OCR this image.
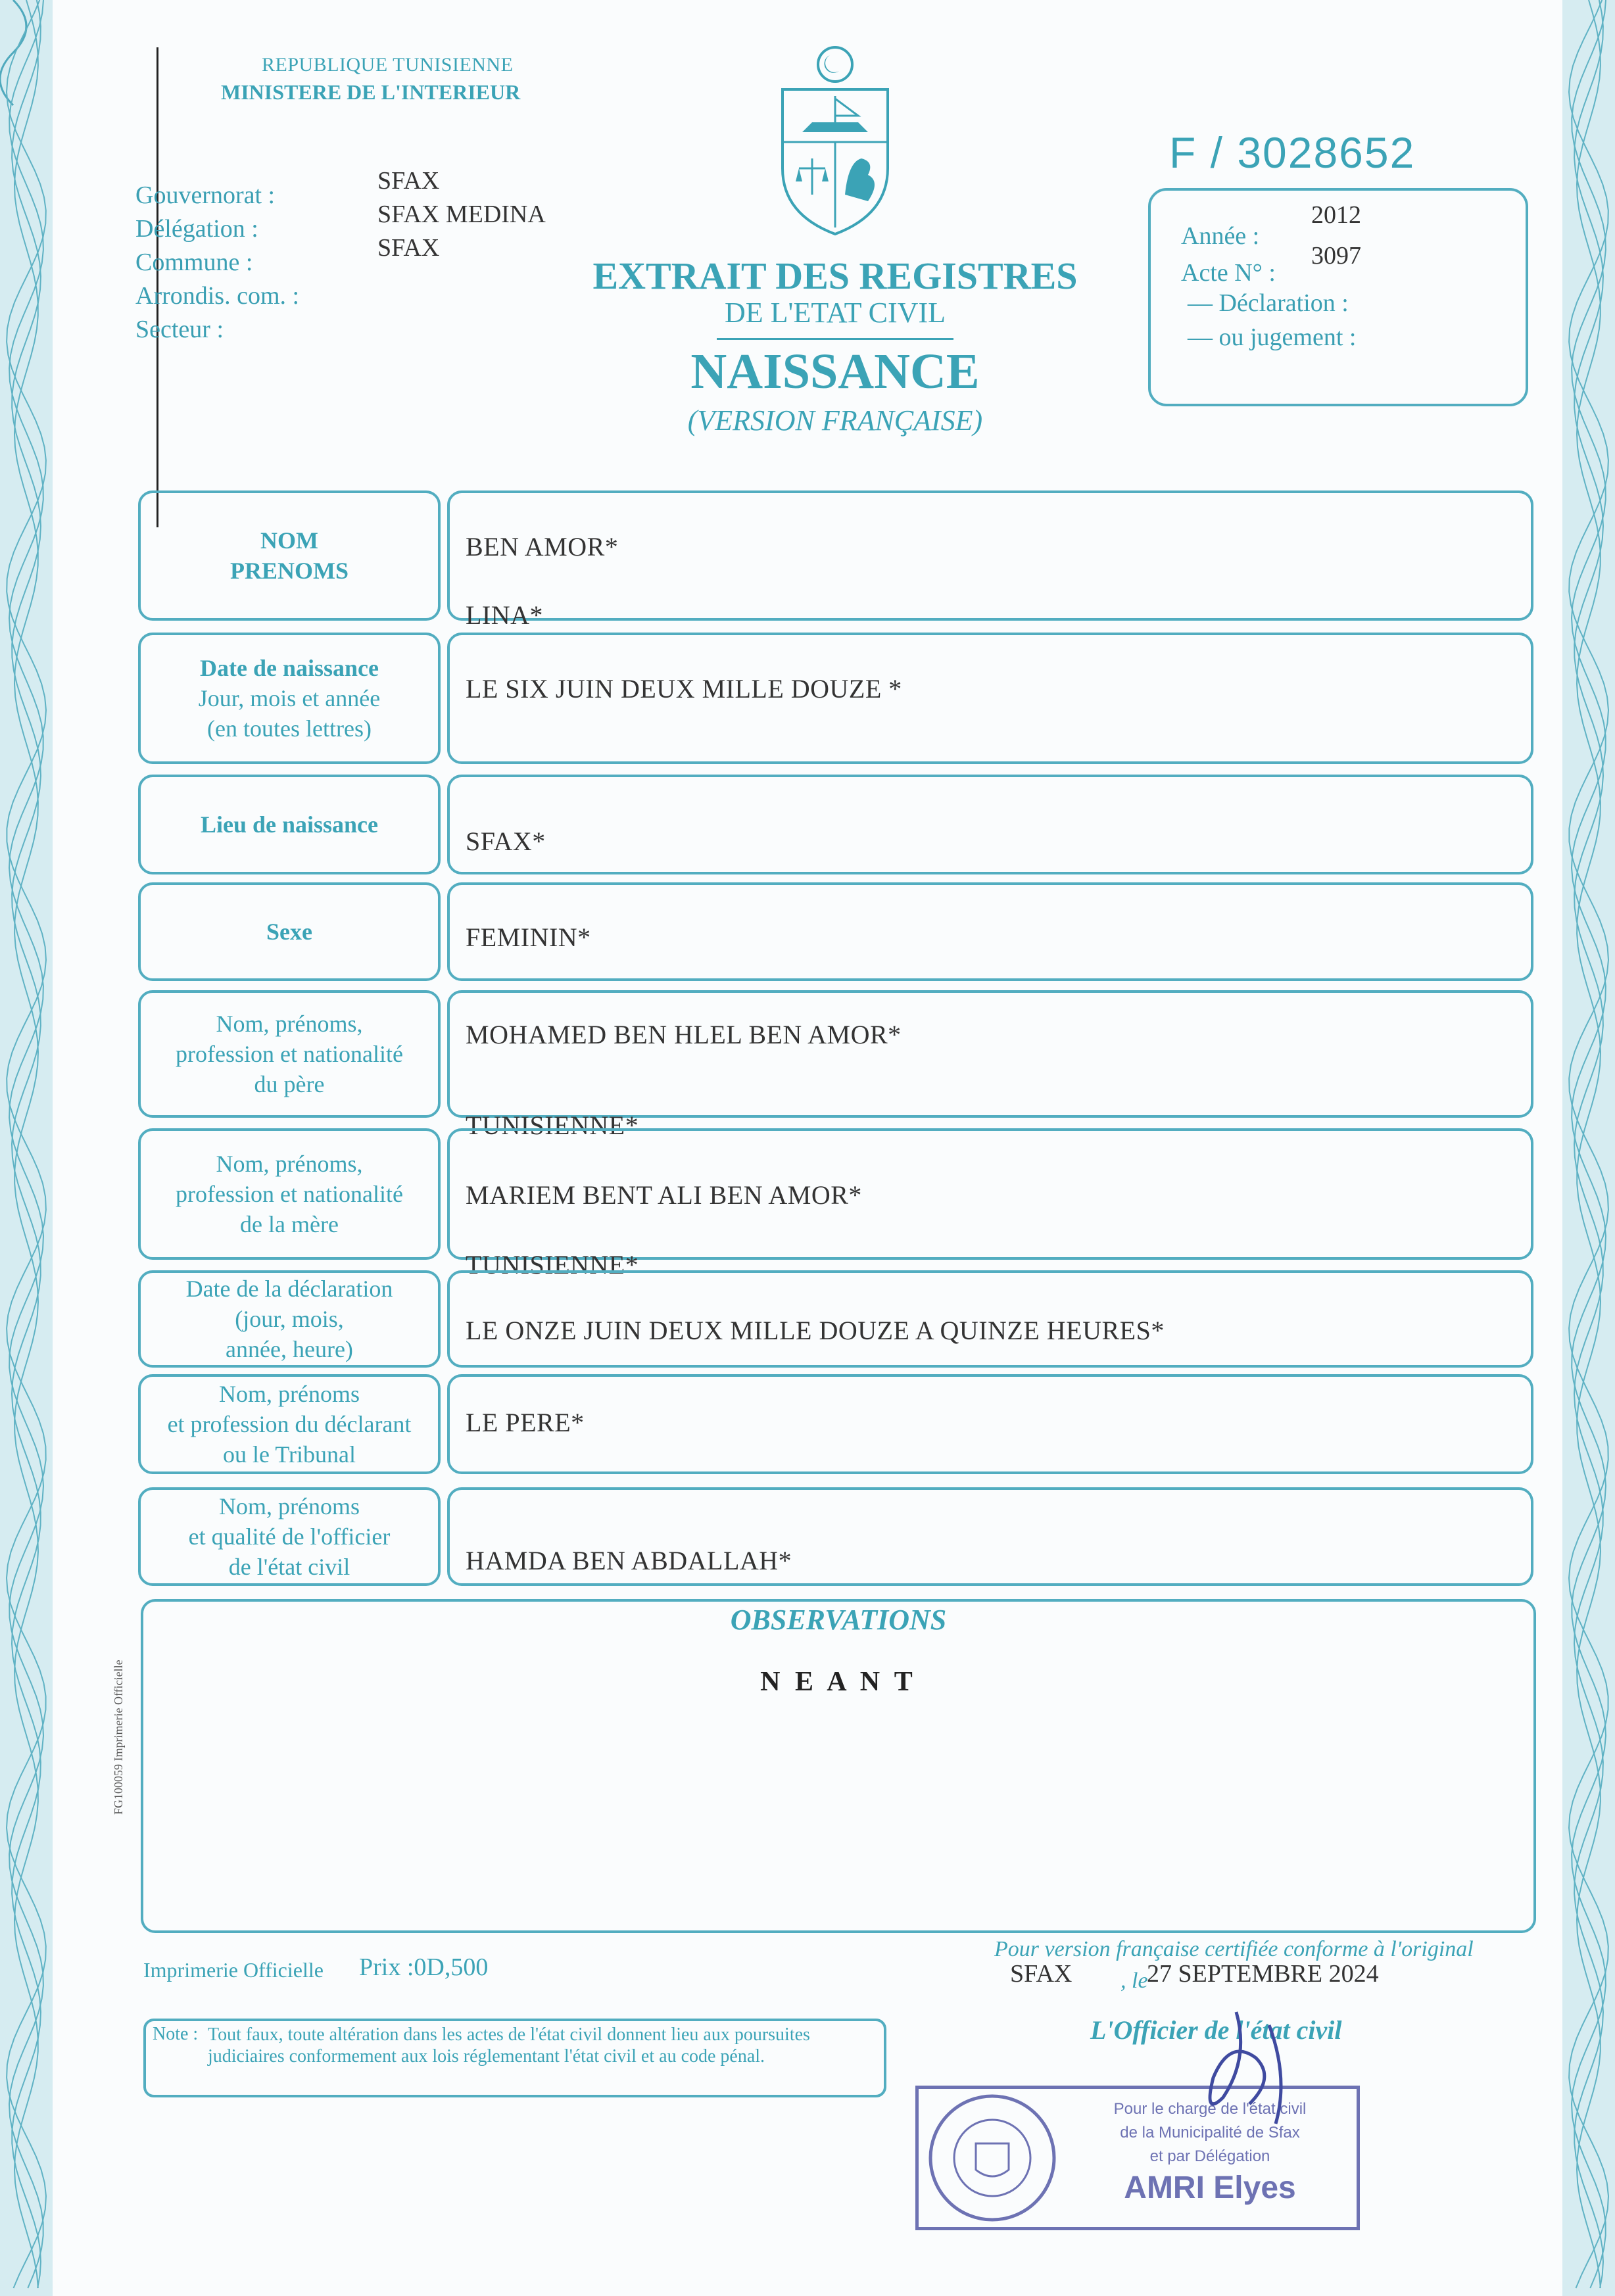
REPUBLIQUE TUNISIENNE
MINISTERE DE L'INTERIEUR
Gouvernorat :
Délégation :
Commune :
Arrondis. com. :
Secteur :
SFAX
SFAX MEDINA
SFAX
EXTRAIT DES REGISTRES
DE L'ETAT CIVIL
NAISSANCE
(VERSION FRANÇAISE)
F / 3028652
Année :
2012
Acte N° :
3097
— Déclaration :
— ou jugement :
NOM
PRENOMS
BEN AMOR*
LINA*
Date de naissance
Jour, mois et année
(en toutes lettres)
LE SIX JUIN DEUX MILLE DOUZE *
Lieu de naissance
SFAX*
Sexe	FEMININ*
Nom, prénoms,
profession et nationalité
du père
MOHAMED BEN HLEL BEN AMOR*
TUNISIENNE*
Nom, prénoms,
profession et nationalité
de la mère
MARIEM BENT ALI BEN AMOR*
TUNISIENNE*
Date de la déclaration
(jour, mois,
année, heure)
LE ONZE JUIN DEUX MILLE DOUZE A QUINZE HEURES*
Nom, prénoms
et profession du déclarant
ou le Tribunal
LE PERE*
Nom, prénoms
et qualité de l'officier
de l'état civil	HAMDA BEN ABDALLAH*
OBSERVATIONS
N E A N T
FG100059 Imprimerie Officielle
Imprimerie Officielle Prix :0D,500
Pour version française certifiée conforme à l'original
SFAX , le
27 SEPTEMBRE 2024
L'Officier de l'état civil
Note : Tout faux, toute altération dans les actes de l'état civil donnent lieu aux poursuites judiciaires conformement aux lois réglementant l'état civil et au code pénal.
Pour le chargé de l'état civil
de la Municipalité de Sfax
et par Délégation
AMRI Elyes
